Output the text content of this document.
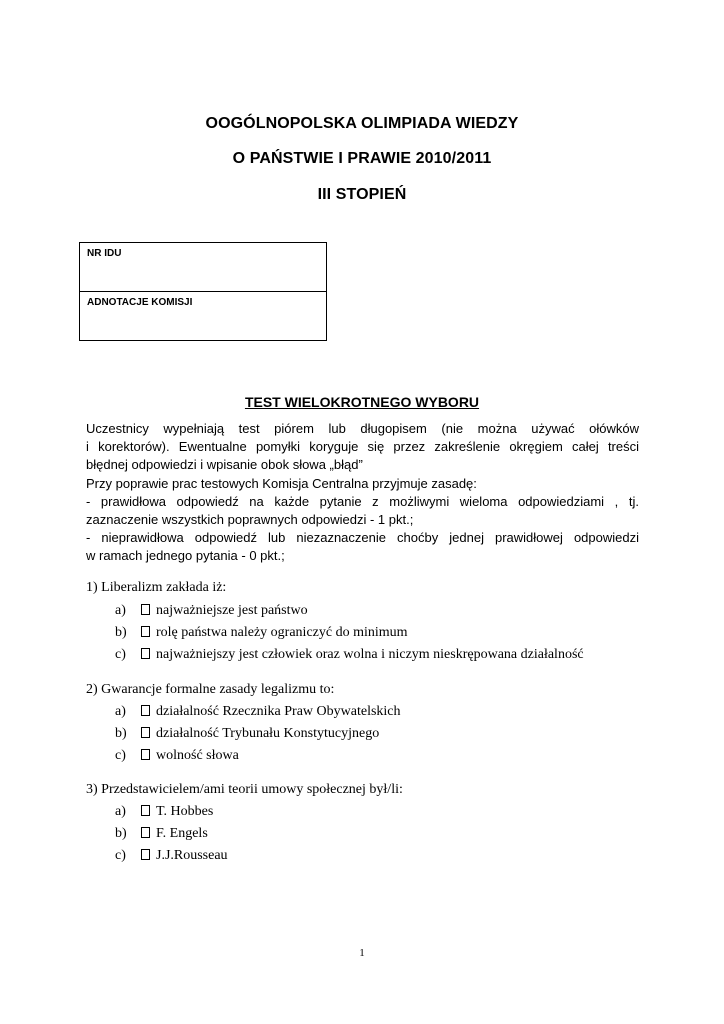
OOGÓLNOPOLSKA OLIMPIADA WIEDZY
O PAŃSTWIE I PRAWIE 2010/2011
III STOPIEŃ
NR IDU
ADNOTACJE KOMISJI
TEST WIELOKROTNEGO WYBORU
Uczestnicy wypełniają test piórem lub długopisem (nie można używać ołówków
i korektorów). Ewentualne pomyłki koryguje się przez zakreślenie okręgiem całej treści
błędnej odpowiedzi i wpisanie obok słowa „błąd”
Przy poprawie prac testowych Komisja Centralna przyjmuje zasadę:
- prawidłowa odpowiedź na każde pytanie z możliwymi wieloma odpowiedziami , tj.
zaznaczenie wszystkich poprawnych odpowiedzi - 1 pkt.;
- nieprawidłowa odpowiedź lub niezaznaczenie choćby jednej prawidłowej odpowiedzi
w ramach jednego pytania - 0 pkt.;
1) Liberalizm zakłada iż:
a) najważniejsze jest państwo
b) rolę państwa należy ograniczyć do minimum
c) najważniejszy jest człowiek oraz wolna i niczym nieskrępowana działalność
2) Gwarancje formalne zasady legalizmu to:
a) działalność Rzecznika Praw Obywatelskich
b) działalność Trybunału Konstytucyjnego
c) wolność słowa
3) Przedstawicielem/ami teorii umowy społecznej był/li:
a) T. Hobbes
b) F. Engels
c) J.J.Rousseau
1
